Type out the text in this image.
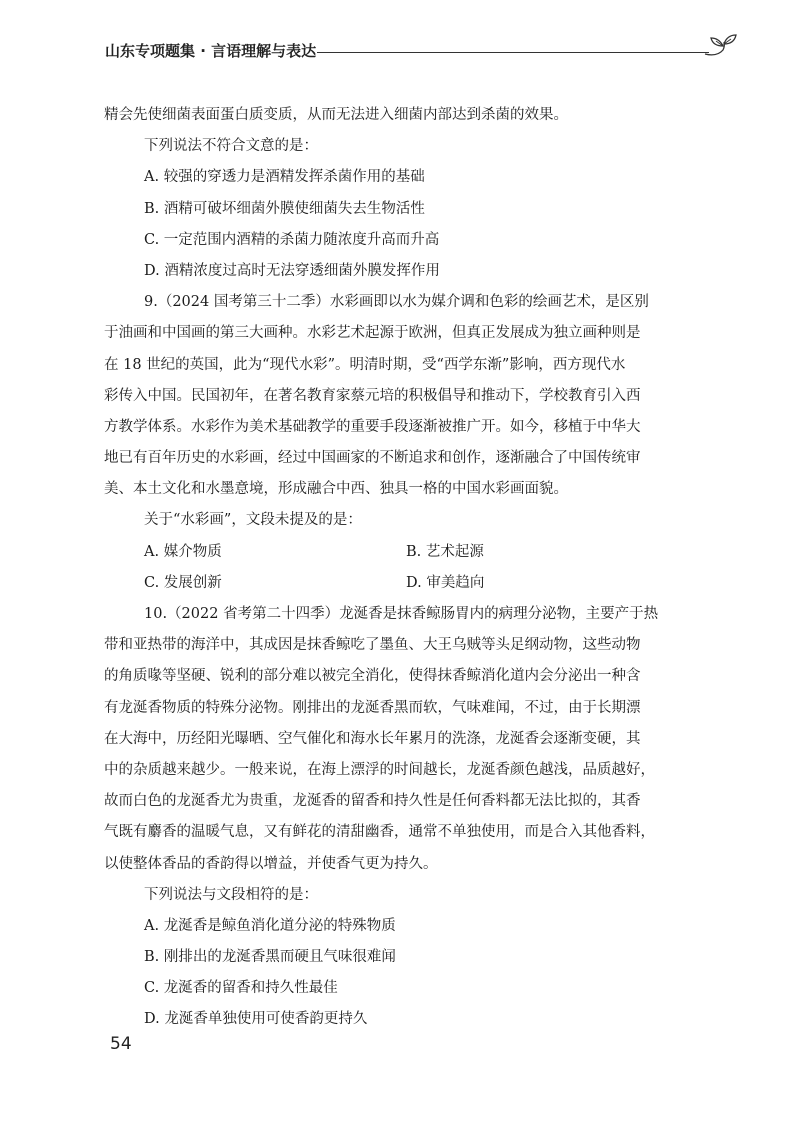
山东专项题集 · 言语理解与表达
精会先使细菌表面蛋白质变质，从而无法进入细菌内部达到杀菌的效果。
下列说法不符合文意的是：
A. 较强的穿透力是酒精发挥杀菌作用的基础
B. 酒精可破坏细菌外膜使细菌失去生物活性
C. 一定范围内酒精的杀菌力随浓度升高而升高
D. 酒精浓度过高时无法穿透细菌外膜发挥作用
9.（2024 国考第三十二季）水彩画即以水为媒介调和色彩的绘画艺术，是区别
于油画和中国画的第三大画种。水彩艺术起源于欧洲，但真正发展成为独立画种则是
在 18 世纪的英国，此为“现代水彩”。明清时期，受“西学东渐”影响，西方现代水
彩传入中国。民国初年，在著名教育家蔡元培的积极倡导和推动下，学校教育引入西
方教学体系。水彩作为美术基础教学的重要手段逐渐被推广开。如今，移植于中华大
地已有百年历史的水彩画，经过中国画家的不断追求和创作，逐渐融合了中国传统审
美、本土文化和水墨意境，形成融合中西、独具一格的中国水彩画面貌。
关于“水彩画”，文段未提及的是：
A. 媒介物质	B. 艺术起源
C. 发展创新	D. 审美趋向
10.（2022 省考第二十四季）龙涎香是抹香鲸肠胃内的病理分泌物，主要产于热
带和亚热带的海洋中，其成因是抹香鲸吃了墨鱼、大王乌贼等头足纲动物，这些动物
的角质喙等坚硬、锐利的部分难以被完全消化，使得抹香鲸消化道内会分泌出一种含
有龙涎香物质的特殊分泌物。刚排出的龙涎香黑而软，气味难闻，不过，由于长期漂
在大海中，历经阳光曝晒、空气催化和海水长年累月的洗涤，龙涎香会逐渐变硬，其
中的杂质越来越少。一般来说，在海上漂浮的时间越长，龙涎香颜色越浅，品质越好，
故而白色的龙涎香尤为贵重，龙涎香的留香和持久性是任何香料都无法比拟的，其香
气既有麝香的温暖气息，又有鲜花的清甜幽香，通常不单独使用，而是合入其他香料，
以使整体香品的香韵得以增益，并使香气更为持久。
下列说法与文段相符的是：
A. 龙涎香是鲸鱼消化道分泌的特殊物质
B. 刚排出的龙涎香黑而硬且气味很难闻
C. 龙涎香的留香和持久性最佳
D. 龙涎香单独使用可使香韵更持久
54
